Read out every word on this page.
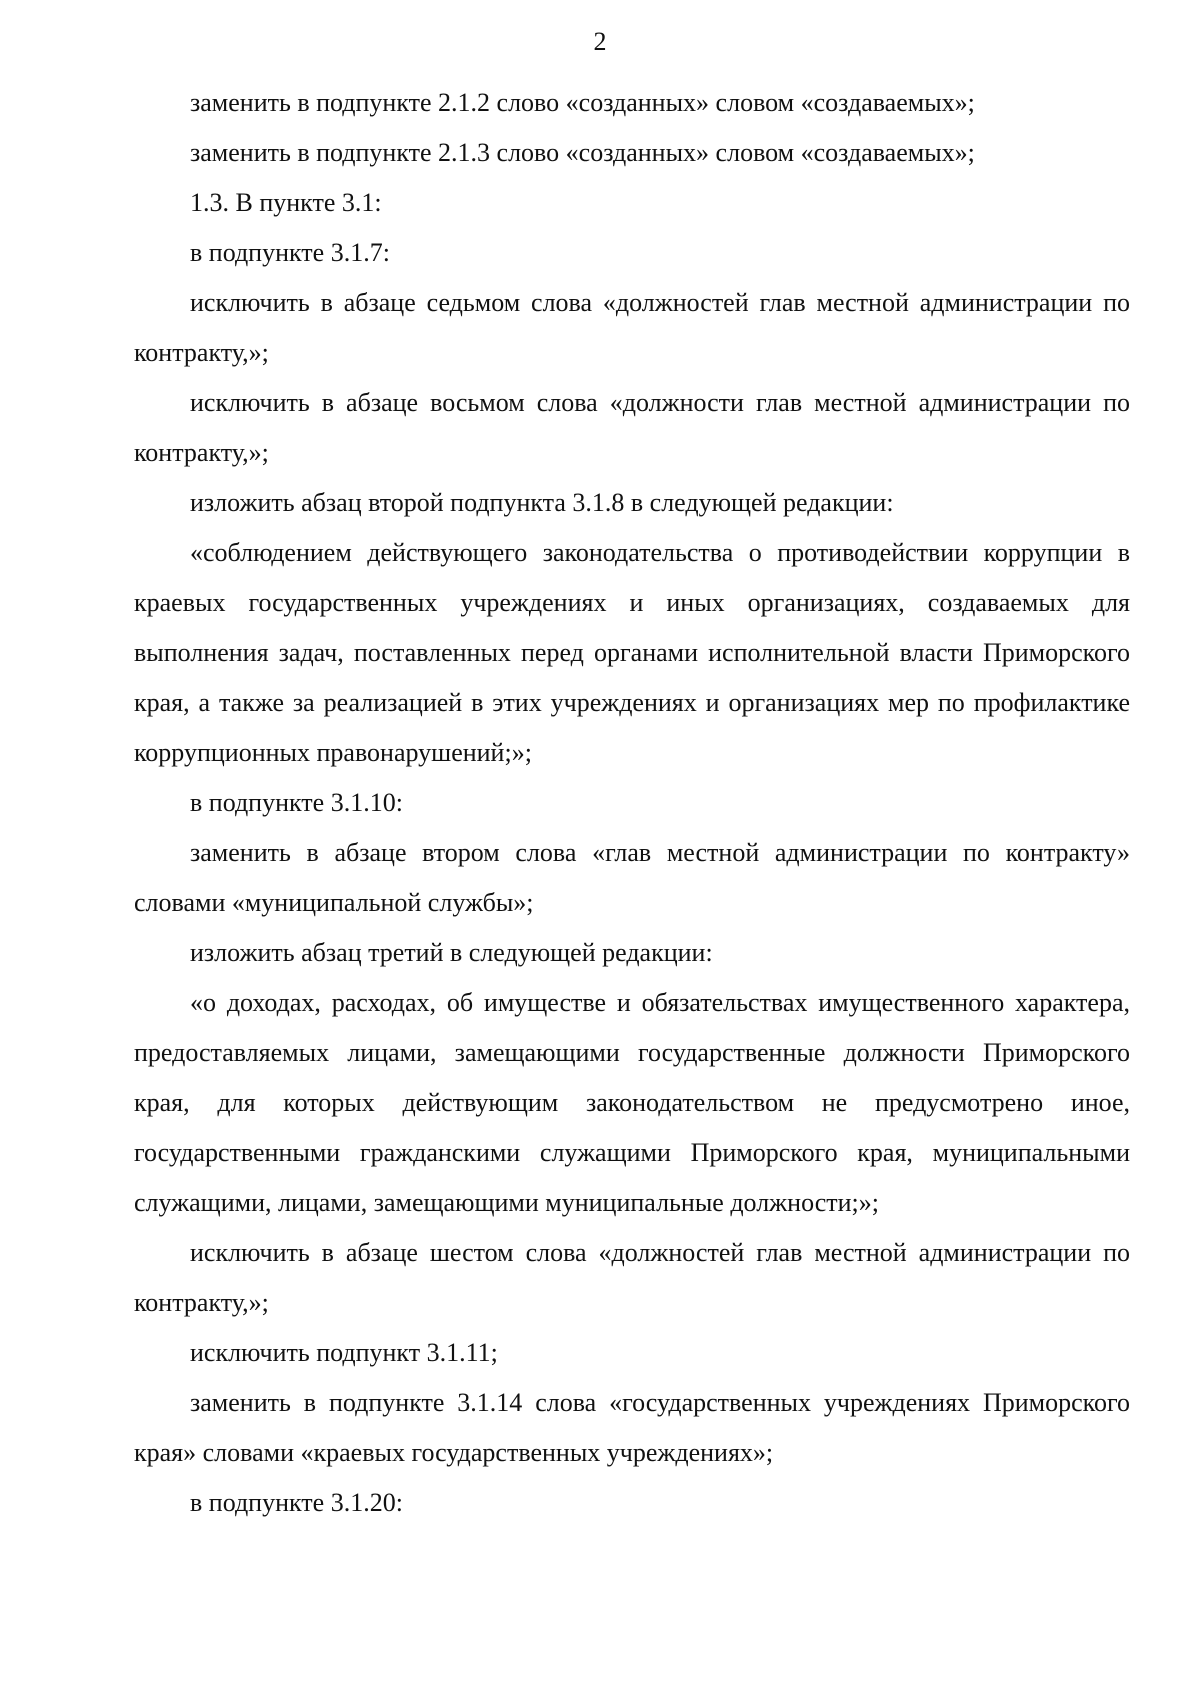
2

заменить в подпункте 2.1.2 слово «созданных» словом «создаваемых»;

заменить в подпункте 2.1.3 слово «созданных» словом «создаваемых»;

1.3. В пункте 3.1:

в подпункте 3.1.7:

исключить в абзаце седьмом слова «должностей глав местной администрации по контракту,»;

исключить в абзаце восьмом слова «должности глав местной администрации по контракту,»;

изложить абзац второй подпункта 3.1.8 в следующей редакции:

«соблюдением действующего законодательства о противодействии коррупции в краевых государственных учреждениях и иных организациях, создаваемых для выполнения задач, поставленных перед органами исполнительной власти Приморского края, а также за реализацией в этих учреждениях и организациях мер по профилактике коррупционных правонарушений;»;

в подпункте 3.1.10:

заменить в абзаце втором слова «глав местной администрации по контракту» словами «муниципальной службы»;

изложить абзац третий в следующей редакции:

«о доходах, расходах, об имуществе и обязательствах имущественного характера, предоставляемых лицами, замещающими государственные должности Приморского края, для которых действующим законодательством не предусмотрено иное, государственными гражданскими служащими Приморского края, муниципальными служащими, лицами, замещающими муниципальные должности;»;

исключить в абзаце шестом слова «должностей глав местной администрации по контракту,»;

исключить подпункт 3.1.11;

заменить в подпункте 3.1.14 слова «государственных учреждениях Приморского края» словами «краевых государственных учреждениях»;

в подпункте 3.1.20:
